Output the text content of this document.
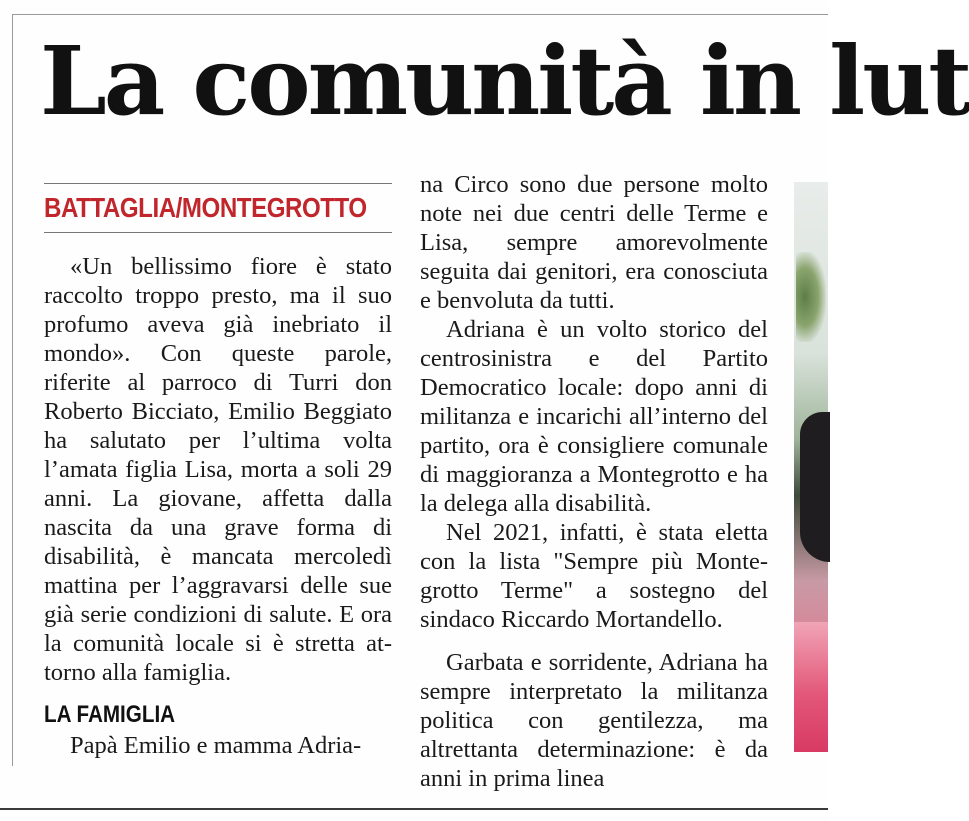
La comunità in lut
BATTAGLIA/MONTEGROTTO

«Un bellissimo fiore è stato raccolto troppo presto, ma il suo profumo aveva già inebriato il mondo». Con queste parole, riferite al parroco di Turri don Roberto Bicciato, Emilio Beggiato ha salutato per l’ultima volta l’amata figlia Lisa, morta a soli 29 anni. La giovane, affetta dalla nascita da una grave forma di disabilità, è mancata mercoledì mattina per l’aggravarsi delle sue già serie condizioni di salute. E ora la comunità locale si è stretta attorno alla famiglia.

LA FAMIGLIA

Papà Emilio e mamma Adria-

na Circo sono due persone molto note nei due centri delle Terme e Lisa, sempre amorevolmente seguita dai genitori, era conosciuta e benvoluta da tutti.

Adriana è un volto storico del centrosinistra e del Partito Democratico locale: dopo anni di militanza e incarichi all’interno del partito, ora è consigliere comunale di maggioranza a Montegrotto e ha la delega alla disabilità.

Nel 2021, infatti, è stata eletta con la lista "Sempre più Montegrotto Terme" a sostegno del sindaco Riccardo Mortandello.

Garbata e sorridente, Adriana ha sempre interpretato la militanza politica con gentilezza, ma altrettanta determinazione: è da anni in prima linea
